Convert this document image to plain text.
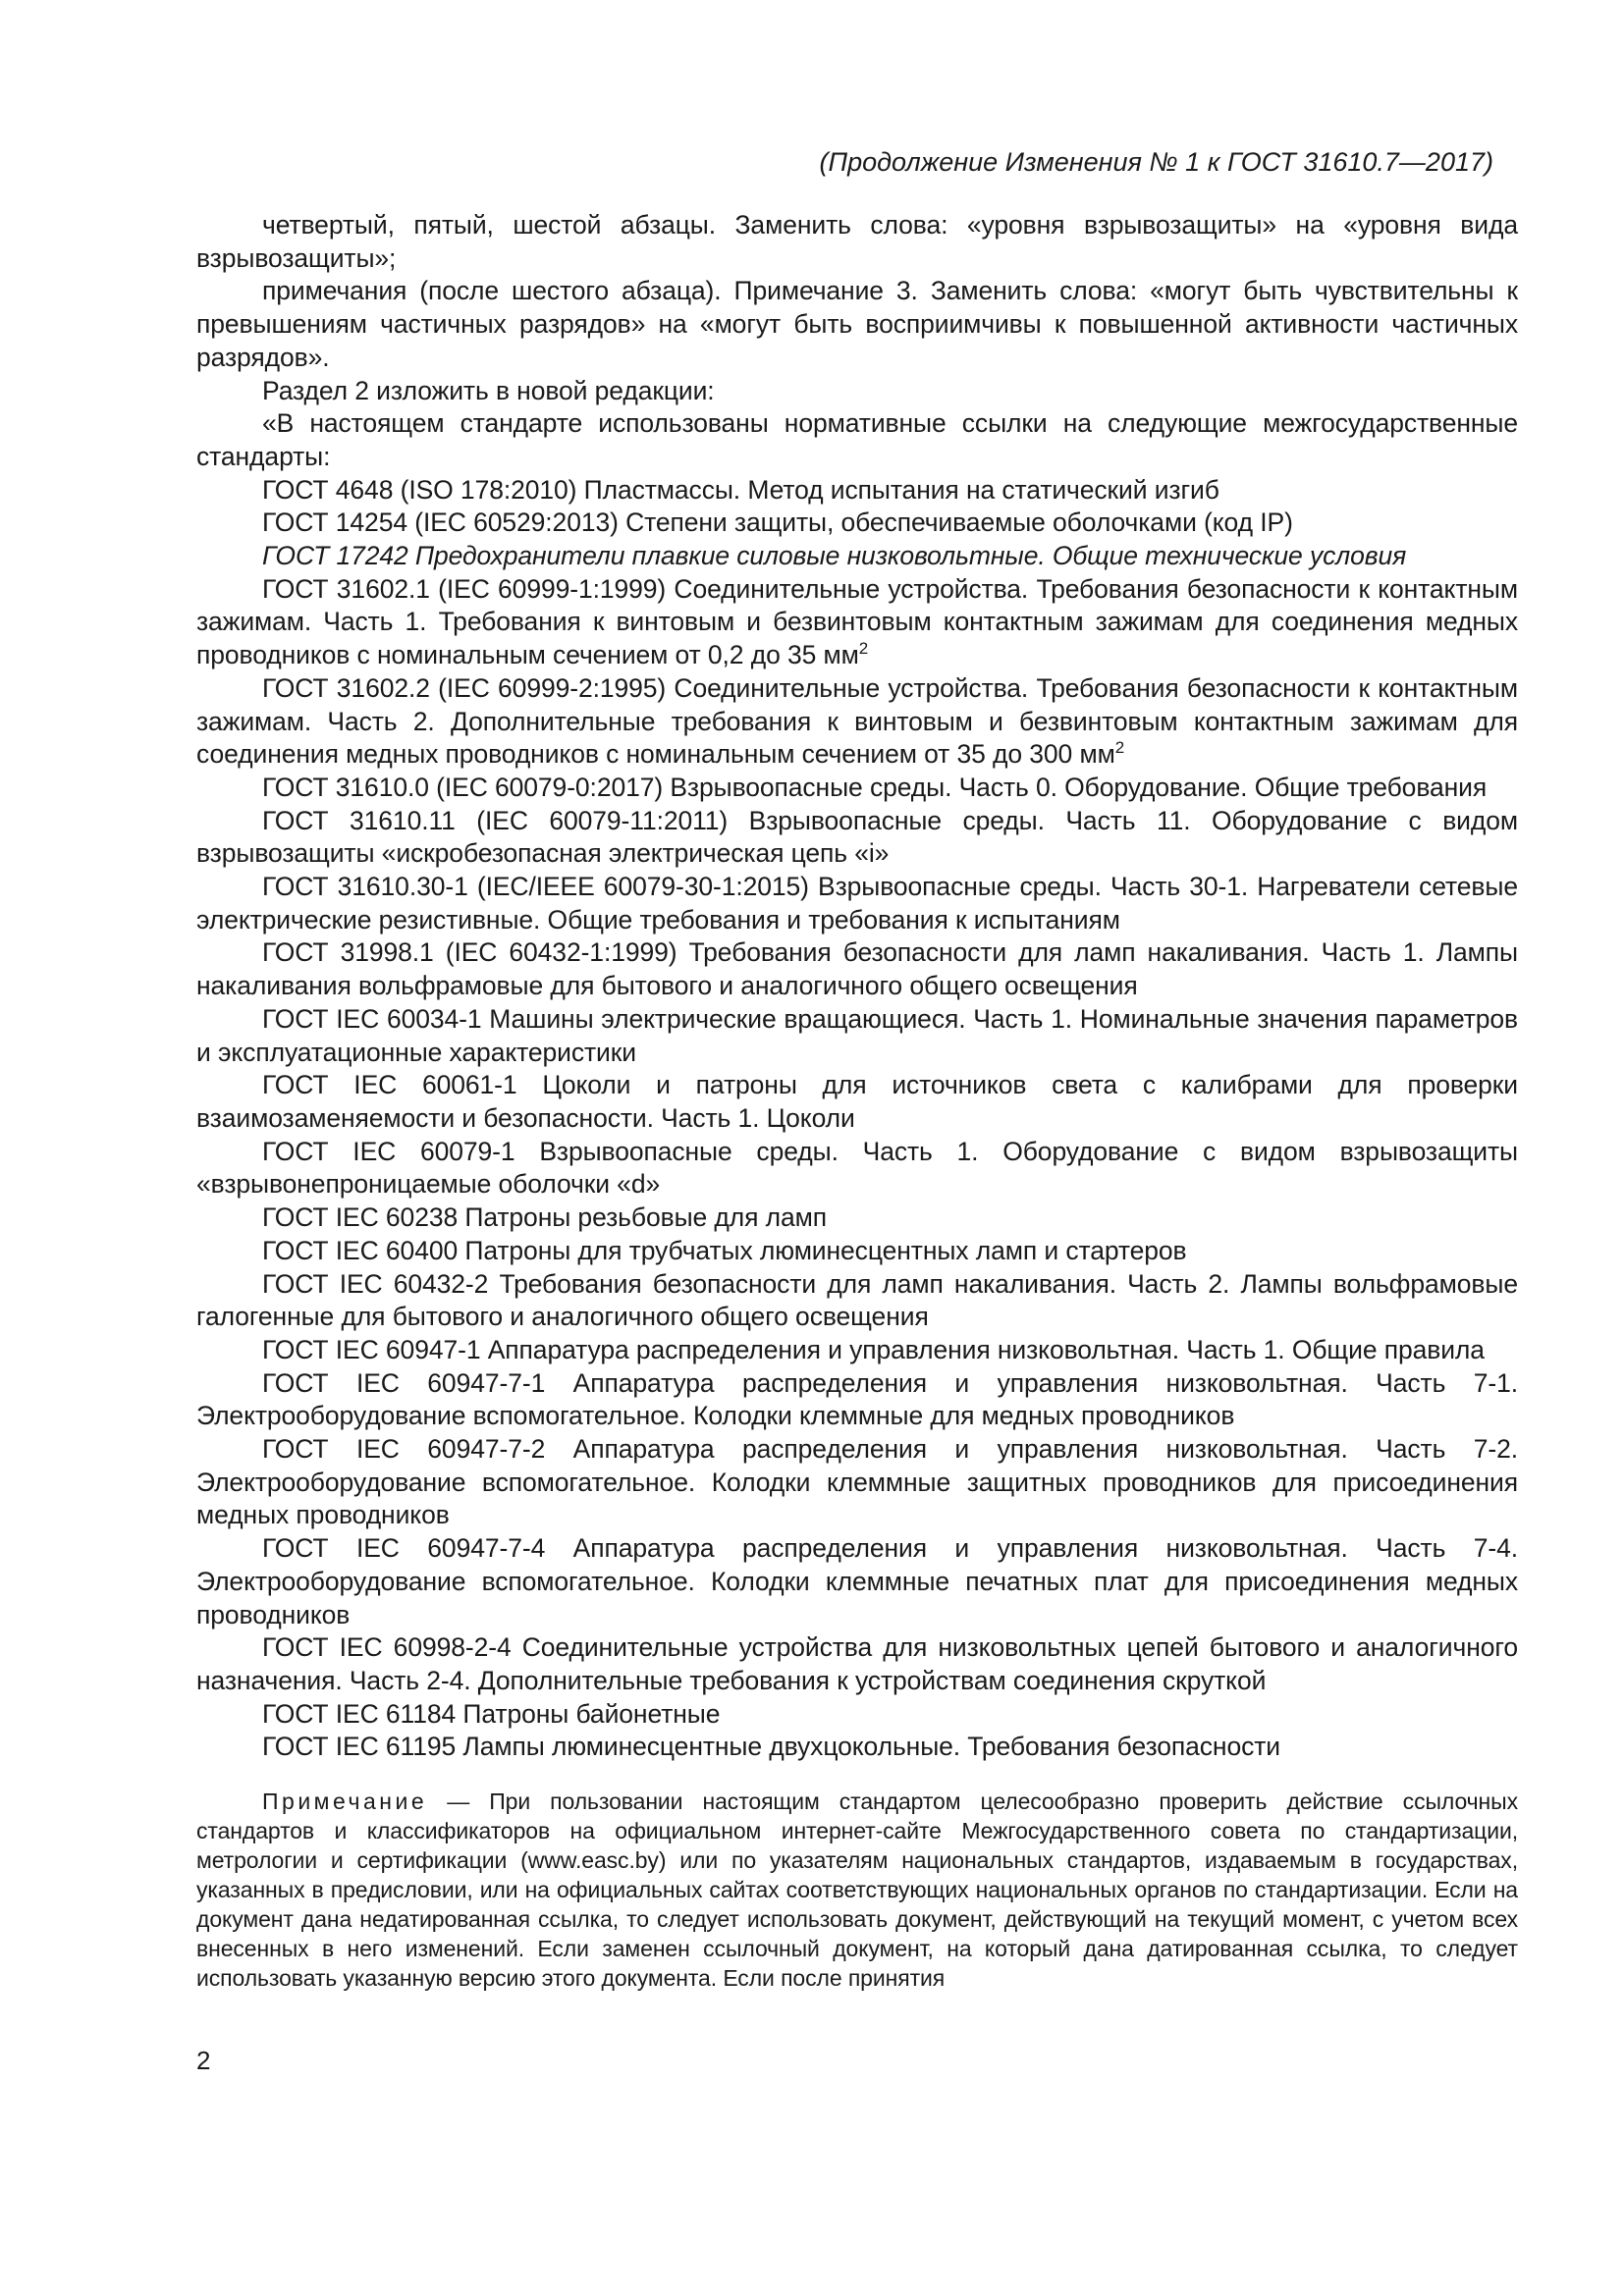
(Продолжение Изменения № 1 к ГОСТ 31610.7—2017)

четвертый, пятый, шестой абзацы. Заменить слова: «уровня взрывозащиты» на «уровня вида взрывозащиты»;

примечания (после шестого абзаца). Примечание 3. Заменить слова: «могут быть чувствительны к превышениям частичных разрядов» на «могут быть восприимчивы к повышенной активности частичных разрядов».

Раздел 2 изложить в новой редакции:

«В настоящем стандарте использованы нормативные ссылки на следующие межгосударственные стандарты:

ГОСТ 4648 (ISO 178:2010) Пластмассы. Метод испытания на статический изгиб

ГОСТ 14254 (IEC 60529:2013) Степени защиты, обеспечиваемые оболочками (код IP)

ГОСТ 17242 Предохранители плавкие силовые низковольтные. Общие технические условия

ГОСТ 31602.1 (IEC 60999-1:1999) Соединительные устройства. Требования безопасности к контактным зажимам. Часть 1. Требования к винтовым и безвинтовым контактным зажимам для соединения медных проводников с номинальным сечением от 0,2 до 35 $мм^2$

ГОСТ 31602.2 (IEC 60999-2:1995) Соединительные устройства. Требования безопасности к контактным зажимам. Часть 2. Дополнительные требования к винтовым и безвинтовым контактным зажимам для соединения медных проводников с номинальным сечением от 35 до 300 $мм^2$

ГОСТ 31610.0 (IEC 60079-0:2017) Взрывоопасные среды. Часть 0. Оборудование. Общие требования

ГОСТ 31610.11 (IEC 60079-11:2011) Взрывоопасные среды. Часть 11. Оборудование с видом взрывозащиты «искробезопасная электрическая цепь «i»

ГОСТ 31610.30-1 (IEC/IEEE 60079-30-1:2015) Взрывоопасные среды. Часть 30-1. Нагреватели сетевые электрические резистивные. Общие требования и требования к испытаниям

ГОСТ 31998.1 (IEC 60432-1:1999) Требования безопасности для ламп накаливания. Часть 1. Лампы накаливания вольфрамовые для бытового и аналогичного общего освещения

ГОСТ IEC 60034-1 Машины электрические вращающиеся. Часть 1. Номинальные значения параметров и эксплуатационные характеристики

ГОСТ IEC 60061-1 Цоколи и патроны для источников света с калибрами для проверки взаимозаменяемости и безопасности. Часть 1. Цоколи

ГОСТ IEC 60079-1 Взрывоопасные среды. Часть 1. Оборудование с видом взрывозащиты «взрывонепроницаемые оболочки «d»

ГОСТ IEC 60238 Патроны резьбовые для ламп

ГОСТ IEC 60400 Патроны для трубчатых люминесцентных ламп и стартеров

ГОСТ IEC 60432-2 Требования безопасности для ламп накаливания. Часть 2. Лампы вольфрамовые галогенные для бытового и аналогичного общего освещения

ГОСТ IEC 60947-1 Аппаратура распределения и управления низковольтная. Часть 1. Общие правила

ГОСТ IEC 60947-7-1 Аппаратура распределения и управления низковольтная. Часть 7-1. Электрооборудование вспомогательное. Колодки клеммные для медных проводников

ГОСТ IEC 60947-7-2 Аппаратура распределения и управления низковольтная. Часть 7-2. Электрооборудование вспомогательное. Колодки клеммные защитных проводников для присоединения медных проводников

ГОСТ IEC 60947-7-4 Аппаратура распределения и управления низковольтная. Часть 7-4. Электрооборудование вспомогательное. Колодки клеммные печатных плат для присоединения медных проводников

ГОСТ IEC 60998-2-4 Соединительные устройства для низковольтных цепей бытового и аналогичного назначения. Часть 2-4. Дополнительные требования к устройствам соединения скруткой

ГОСТ IEC 61184 Патроны байонетные

ГОСТ IEC 61195 Лампы люминесцентные двухцокольные. Требования безопасности

Примечание — При пользовании настоящим стандартом целесообразно проверить действие ссылочных стандартов и классификаторов на официальном интернет-сайте Межгосударственного совета по стандартизации, метрологии и сертификации (www.easc.by) или по указателям национальных стандартов, издаваемым в государствах, указанных в предисловии, или на официальных сайтах соответствующих национальных органов по стандартизации. Если на документ дана недатированная ссылка, то следует использовать документ, действующий на текущий момент, с учетом всех внесенных в него изменений. Если заменен ссылочный документ, на который дана датированная ссылка, то следует использовать указанную версию этого документа. Если после принятия

2
